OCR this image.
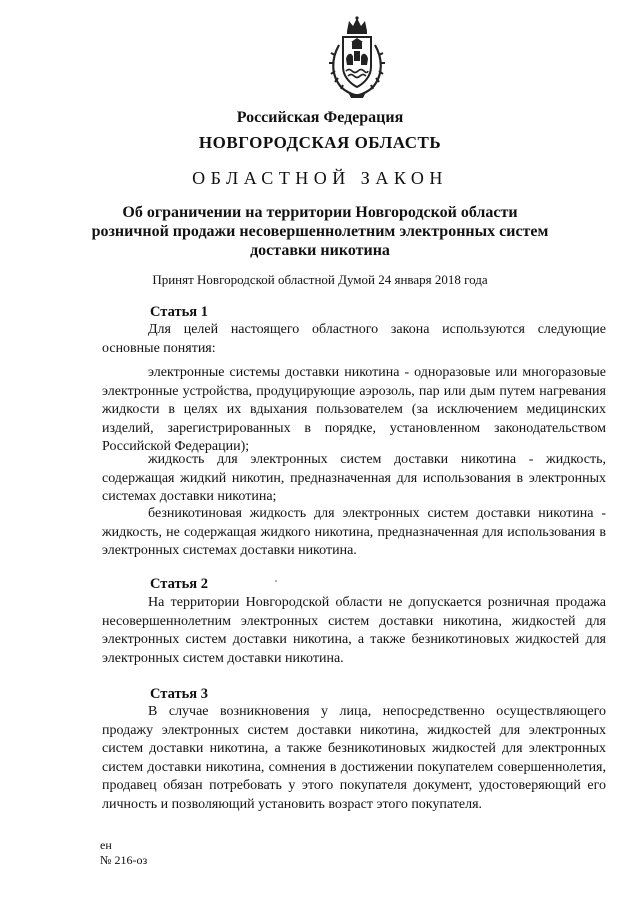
Российская Федерация
НОВГОРОДСКАЯ ОБЛАСТЬ
ОБЛАСТНОЙ ЗАКОН
Об ограничении на территории Новгородской области
розничной продажи несовершеннолетним электронных систем
доставки никотина
Принят Новгородской областной Думой 24 января 2018 года
Статья 1
Для целей настоящего областного закона используются следующие основные понятия:
электронные системы доставки никотина - одноразовые или многоразовые электронные устройства, продуцирующие аэрозоль, пар или дым путем нагревания жидкости в целях их вдыхания пользователем (за исключением медицинских изделий, зарегистрированных в порядке, установленном законодательством Российской Федерации);
жидкость для электронных систем доставки никотина - жидкость, содержащая жидкий никотин, предназначенная для использования в электронных системах доставки никотина;
безникотиновая жидкость для электронных систем доставки никотина - жидкость, не содержащая жидкого никотина, предназначенная для использования в электронных системах доставки никотина.
Статья 2
На территории Новгородской области не допускается розничная продажа несовершеннолетним электронных систем доставки никотина, жидкостей для электронных систем доставки никотина, а также безникотиновых жидкостей для электронных систем доставки никотина.
Статья 3
В случае возникновения у лица, непосредственно осуществляющего продажу электронных систем доставки никотина, жидкостей для электронных систем доставки никотина, а также безникотиновых жидкостей для электронных систем доставки никотина, сомнения в достижении покупателем совершеннолетия, продавец обязан потребовать у этого покупателя документ, удостоверяющий его личность и позволяющий установить возраст этого покупателя.
ен
№ 216-оз
